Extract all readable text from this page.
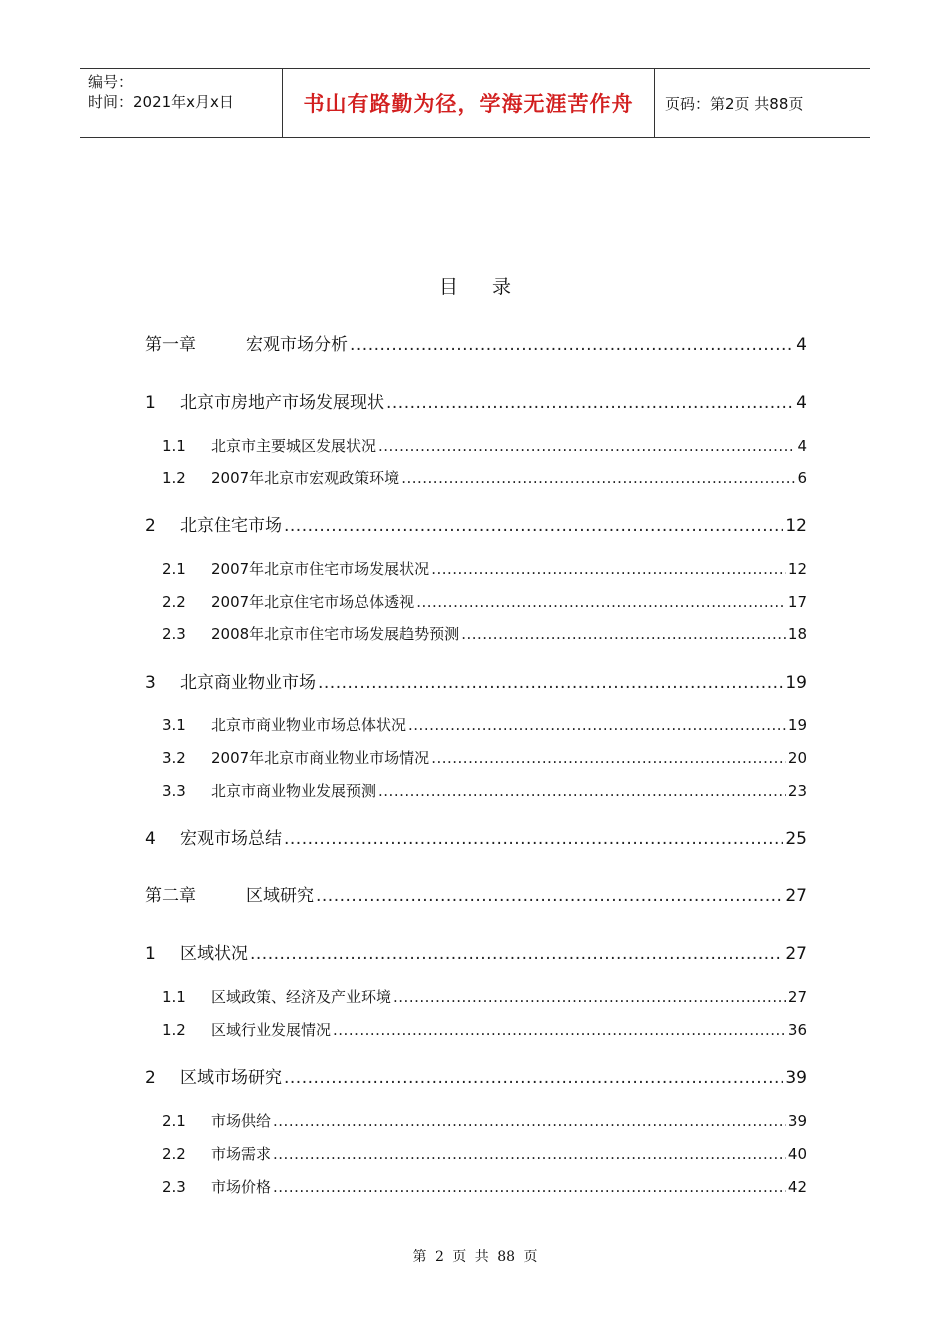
编号：
时间：2021年x月x日	书山有路勤为径，学海无涯苦作舟	页码：第2页 共88页
目 录
第一章	宏观市场分析 .....	4
1	北京市房地产市场发展现状 .....	4
1.1	北京市主要城区发展状况 .....	4
1.2	2007年北京市宏观政策环境 .....	6
2	北京住宅市场 .....	12
2.1	2007年北京市住宅市场发展状况 .....	12
2.2	2007年北京住宅市场总体透视 .....	17
2.3	2008年北京市住宅市场发展趋势预测 .....	18
3	北京商业物业市场 .....	19
3.1	北京市商业物业市场总体状况 .....	19
3.2	2007年北京市商业物业市场情况 .....	20
3.3	北京市商业物业发展预测 .....	23
4	宏观市场总结 .....	25
第二章	区域研究 .....	27
1	区域状况 .....	27
1.1	区域政策、经济及产业环境 .....	27
1.2	区域行业发展情况 .....	36
2	区域市场研究 .....	39
2.1	市场供给 .....	39
2.2	市场需求 .....	40
2.3	市场价格 .....	42
第 2 页 共 88 页
